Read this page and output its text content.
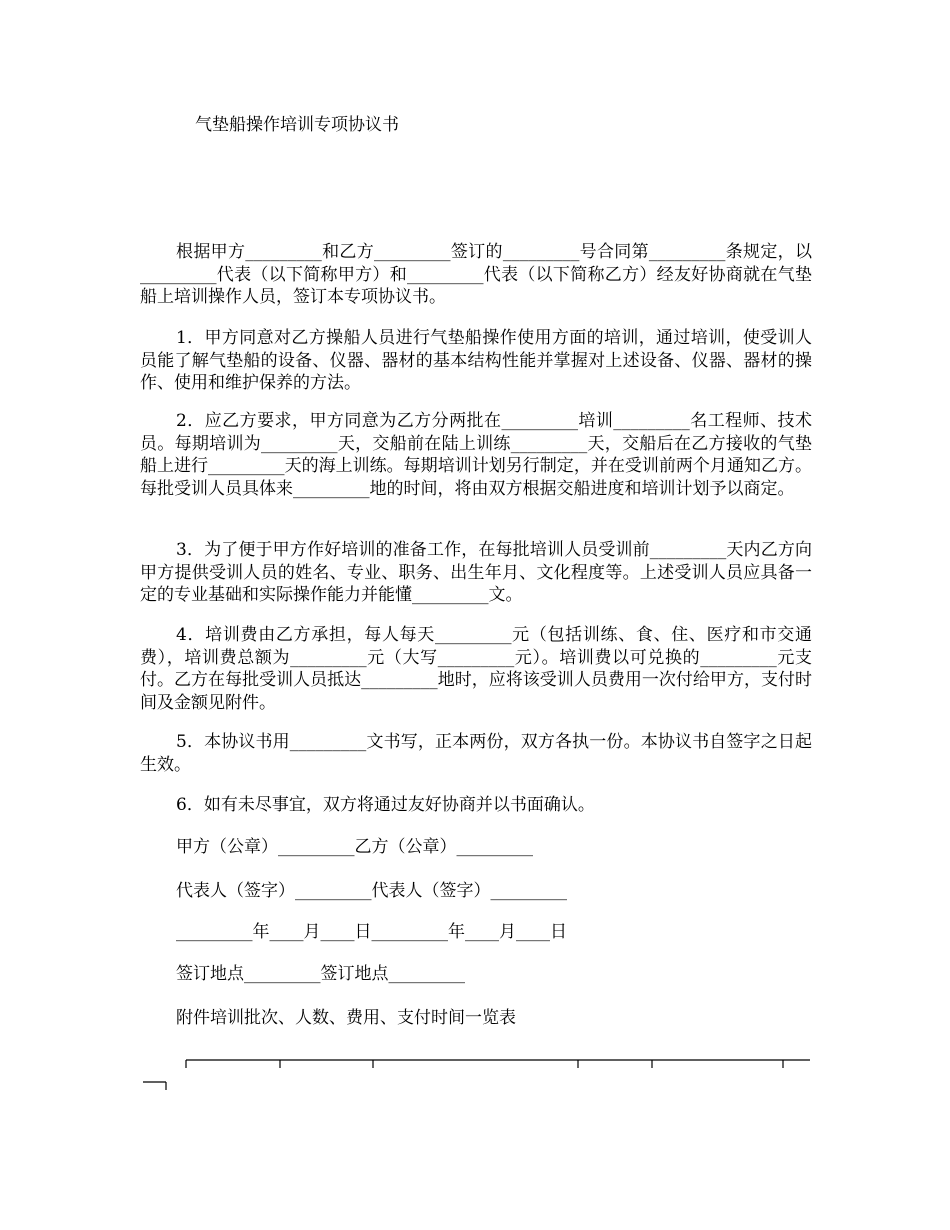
气垫船操作培训专项协议书
根据甲方_________和乙方_________签订的_________号合同第_________条规定，以_________代表（以下简称甲方）和_________代表（以下简称乙方）经友好协商就在气垫船上培训操作人员，签订本专项协议书。
1．甲方同意对乙方操船人员进行气垫船操作使用方面的培训，通过培训，使受训人员能了解气垫船的设备、仪器、器材的基本结构性能并掌握对上述设备、仪器、器材的操作、使用和维护保养的方法。
2．应乙方要求，甲方同意为乙方分两批在_________培训_________名工程师、技术员。每期培训为_________天，交船前在陆上训练_________天，交船后在乙方接收的气垫船上进行_________天的海上训练。每期培训计划另行制定，并在受训前两个月通知乙方。每批受训人员具体来_________地的时间，将由双方根据交船进度和培训计划予以商定。
3．为了便于甲方作好培训的准备工作，在每批培训人员受训前_________天内乙方向甲方提供受训人员的姓名、专业、职务、出生年月、文化程度等。上述受训人员应具备一定的专业基础和实际操作能力并能懂_________文。
4．培训费由乙方承担，每人每天_________元（包括训练、食、住、医疗和市交通费），培训费总额为_________元（大写_________元）。培训费以可兑换的_________元支付。乙方在每批受训人员抵达_________地时，应将该受训人员费用一次付给甲方，支付时间及金额见附件。
5．本协议书用_________文书写，正本两份，双方各执一份。本协议书自签字之日起生效。
6．如有未尽事宜，双方将通过友好协商并以书面确认。
甲方（公章）_________乙方（公章）_________
代表人（签字）_________代表人（签字）_________
_________年____月____日_________年____月____日
签订地点_________签订地点_________
附件培训批次、人数、费用、支付时间一览表
